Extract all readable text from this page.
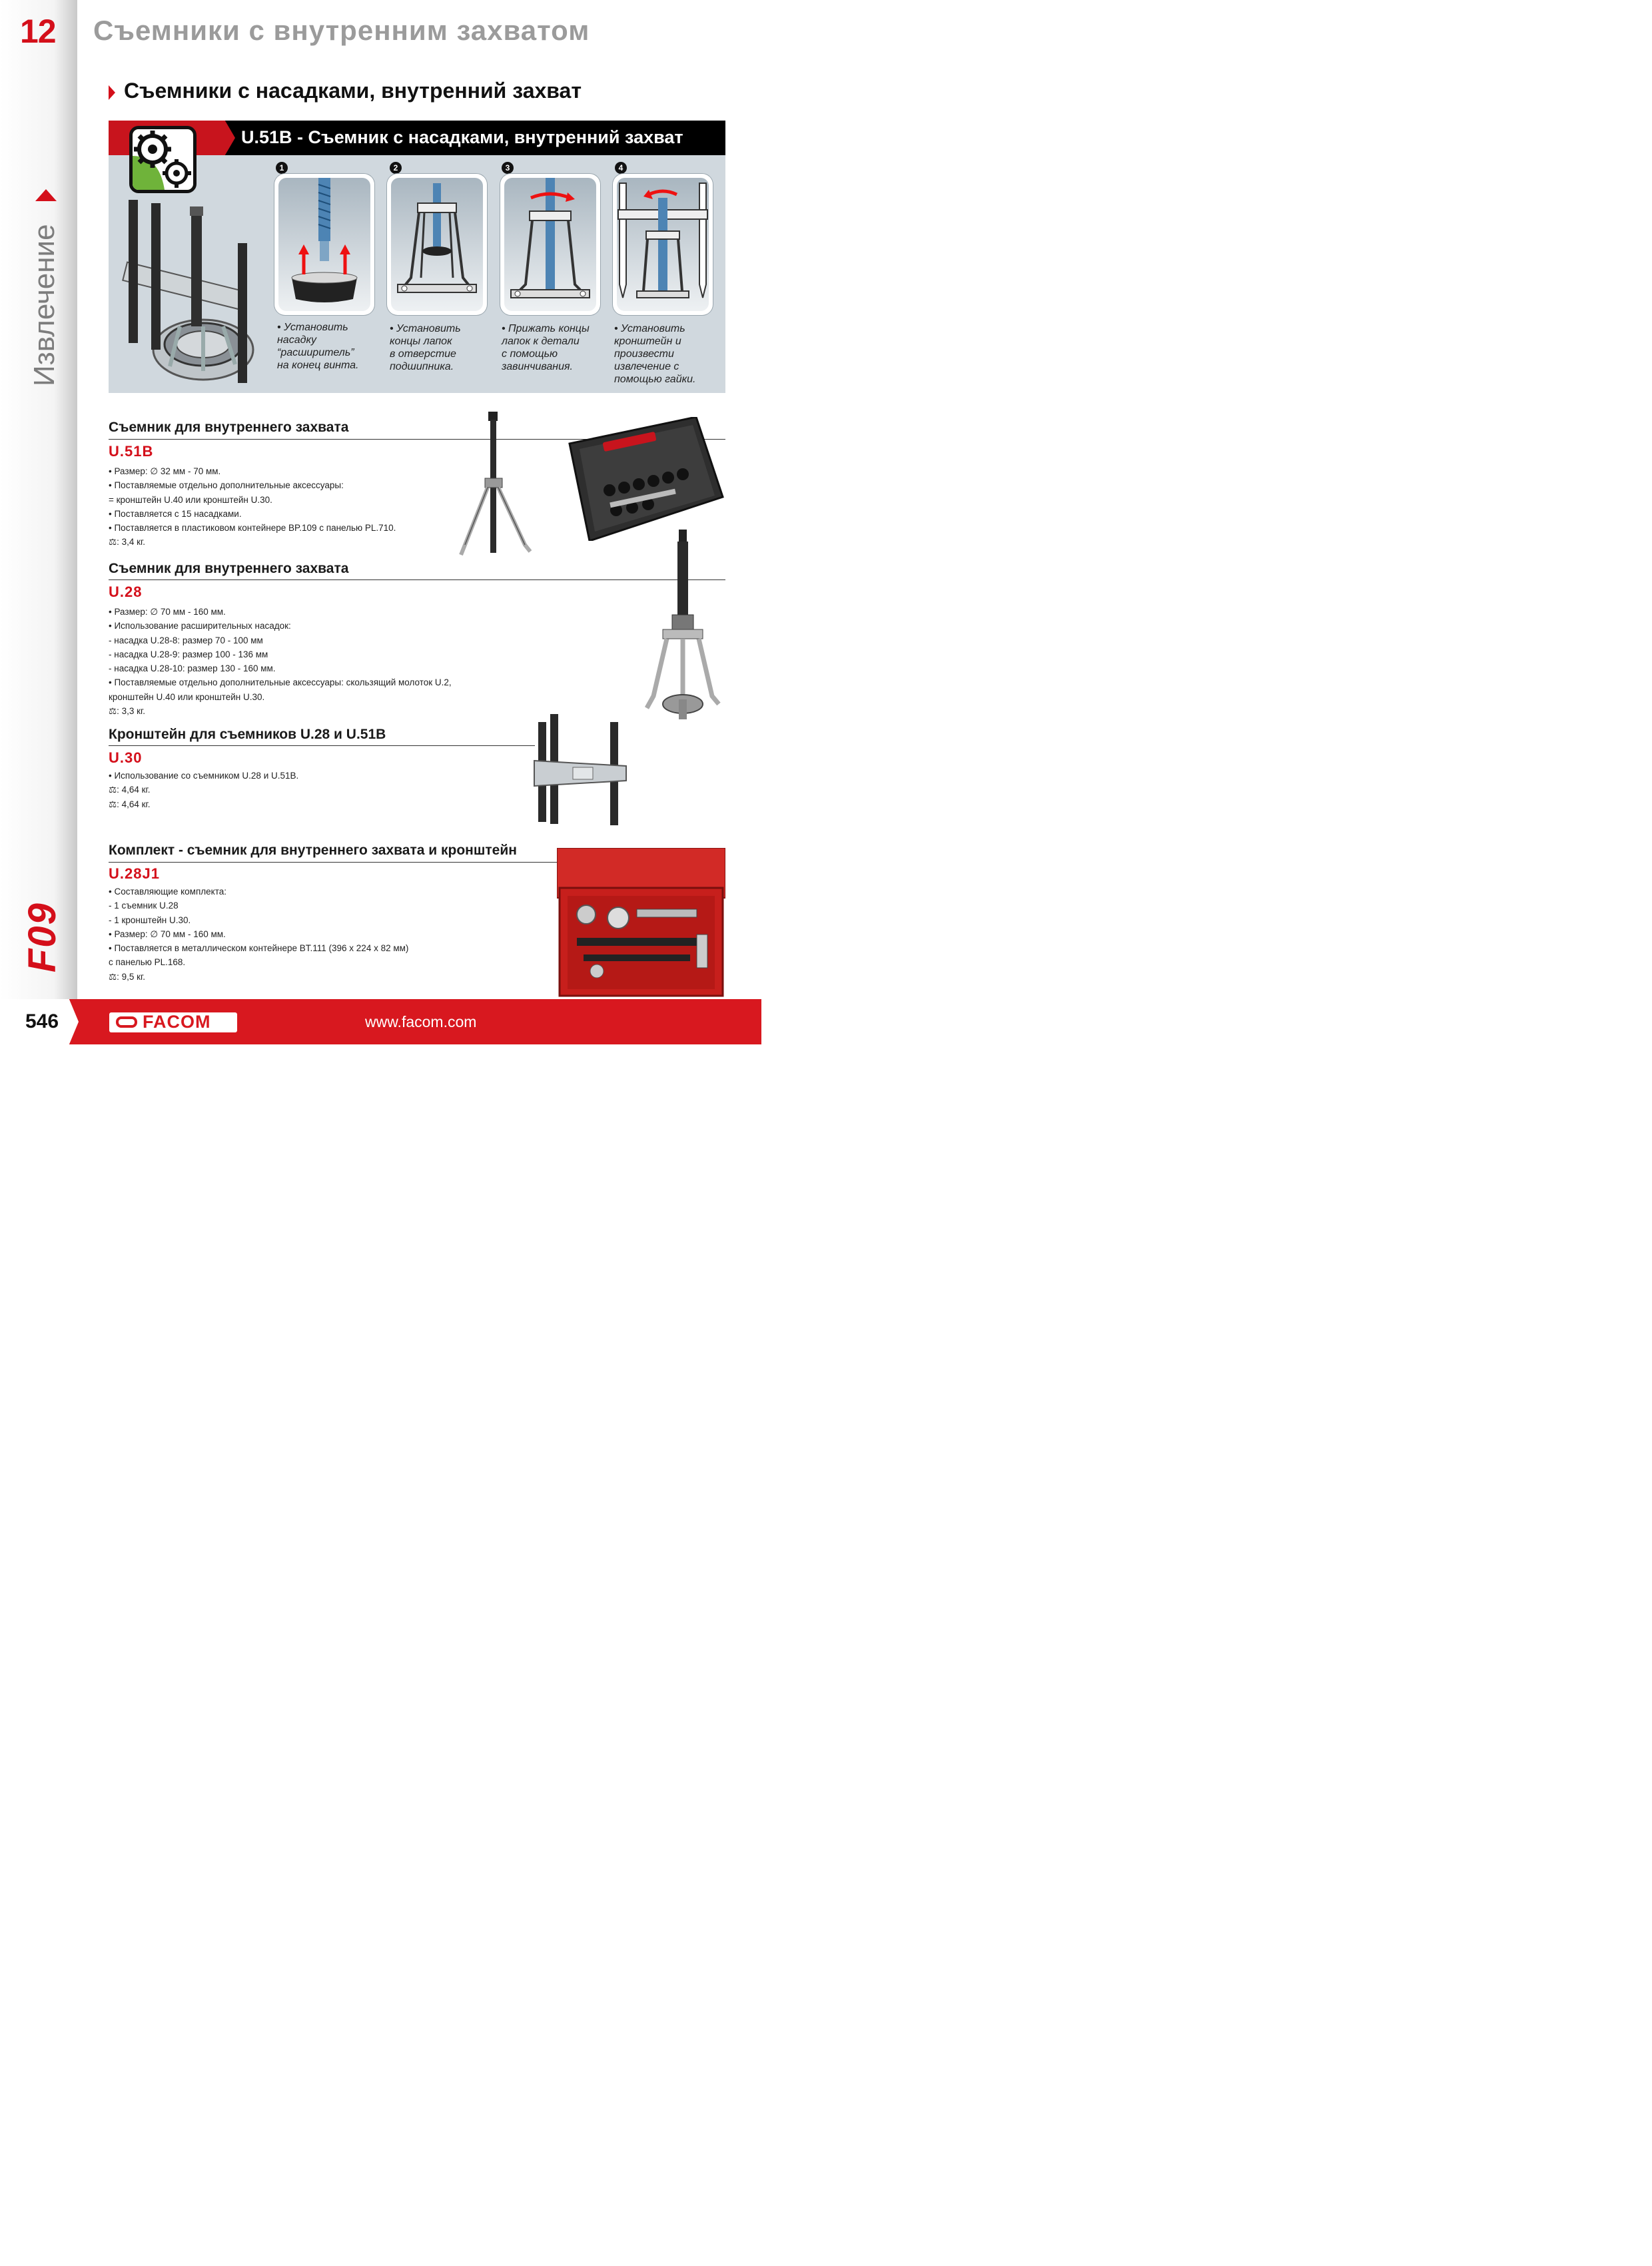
12 Съемники с внутренним захватом
Извлечение
F09
Съемники с насадками, внутренний захват
U.51B - Съемник с насадками, внутренний захват
1	2	3	4
• Установить
насадку
“расширитель”
на конец винта.
• Установить
концы лапок
в отверстие
подшипника.
• Прижать концы
лапок к детали
с помощью
завинчивания.
• Установить
кронштейн и
произвести
извлечение с
помощью гайки.
Съемник для внутреннего захвата
U.51B
• Размер: ∅ 32 мм - 70 мм.
• Поставляемые отдельно дополнительные аксессуары:
= кронштейн U.40 или кронштейн U.30.
• Поставляется с 15 насадками.
• Поставляется в пластиковом контейнере BP.109 с панелью PL.710.
⚖: 3,4 кг.
Съемник для внутреннего захвата
U.28
• Размер: ∅ 70 мм - 160 мм.
• Использование расширительных насадок:
- насадка U.28-8: размер 70 - 100 мм
- насадка U.28-9: размер 100 - 136 мм
- насадка U.28-10: размер 130 - 160 мм.
• Поставляемые отдельно дополнительные аксессуары: скользящий молоток U.2,
кронштейн U.40 или кронштейн U.30.
⚖: 3,3 кг.
Кронштейн для съемников U.28 и U.51B
U.30
• Использование со съемником U.28 и U.51B.
⚖: 4,64 кг.
⚖: 4,64 кг.
Комплект - съемник для внутреннего захвата и кронштейн
U.28J1
• Составляющие комплекта:
- 1 съемник U.28
- 1 кронштейн U.30.
• Размер: ∅ 70 мм - 160 мм.
• Поставляется в металлическом контейнере BT.111 (396 x 224 x 82 мм)
с панелью PL.168.
⚖: 9,5 кг.
546	FACOM	www.facom.com
